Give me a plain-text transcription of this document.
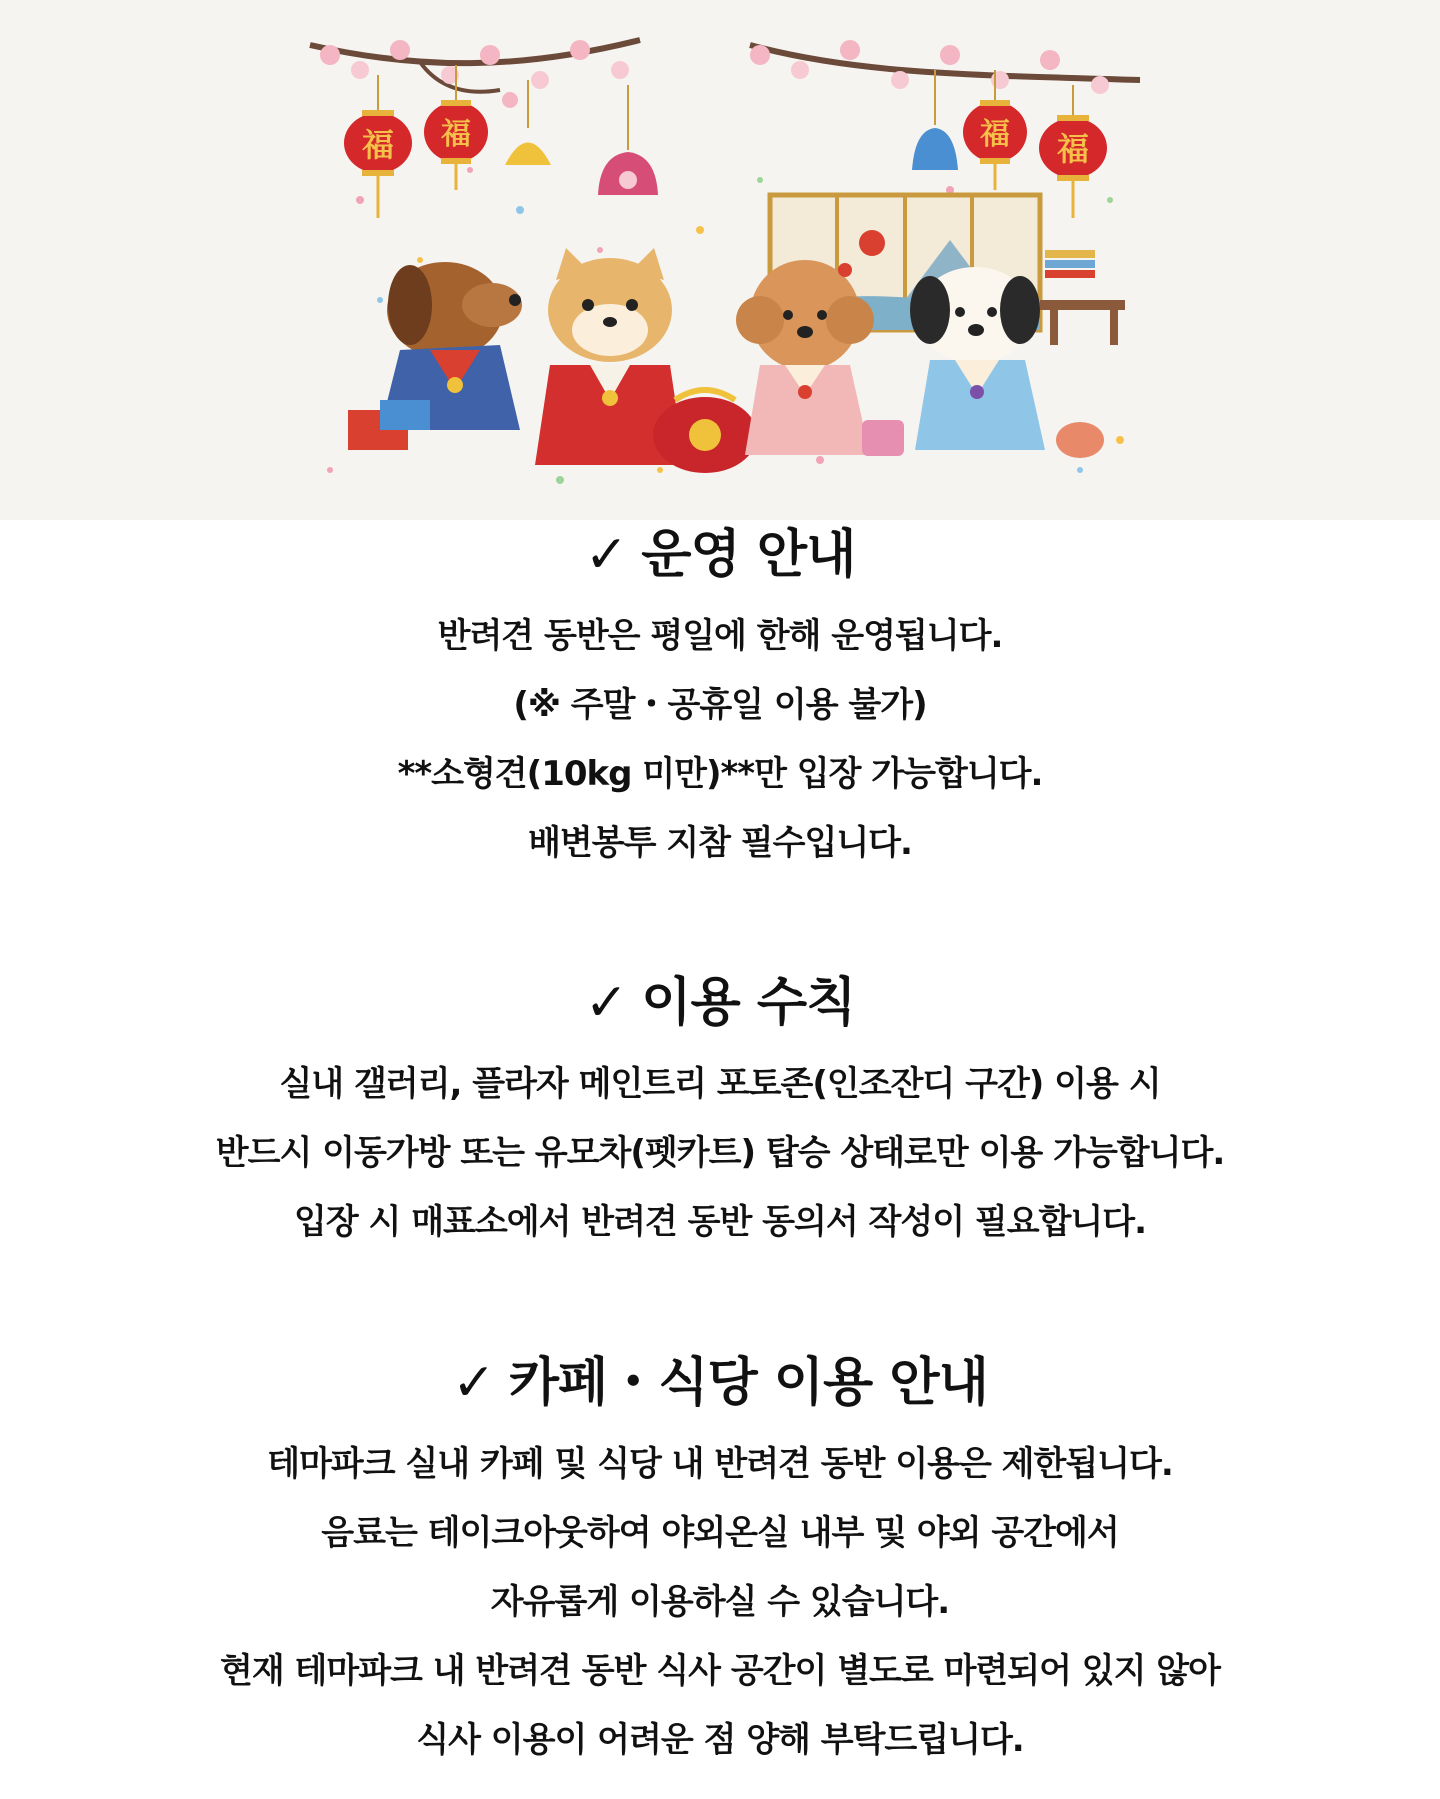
福 福	福 福
✓ 운영 안내

반려견 동반은 평일에 한해 운영됩니다.

(※ 주말・공휴일 이용 불가)

**소형견(10kg 미만)**만 입장 가능합니다.

배변봉투 지참 필수입니다.

✓ 이용 수칙

실내 갤러리, 플라자 메인트리 포토존(인조잔디 구간) 이용 시

반드시 이동가방 또는 유모차(펫카트) 탑승 상태로만 이용 가능합니다.

입장 시 매표소에서 반려견 동반 동의서 작성이 필요합니다.

✓ 카페・식당 이용 안내

테마파크 실내 카페 및 식당 내 반려견 동반 이용은 제한됩니다.

음료는 테이크아웃하여 야외온실 내부 및 야외 공간에서

자유롭게 이용하실 수 있습니다.

현재 테마파크 내 반려견 동반 식사 공간이 별도로 마련되어 있지 않아

식사 이용이 어려운 점 양해 부탁드립니다.
